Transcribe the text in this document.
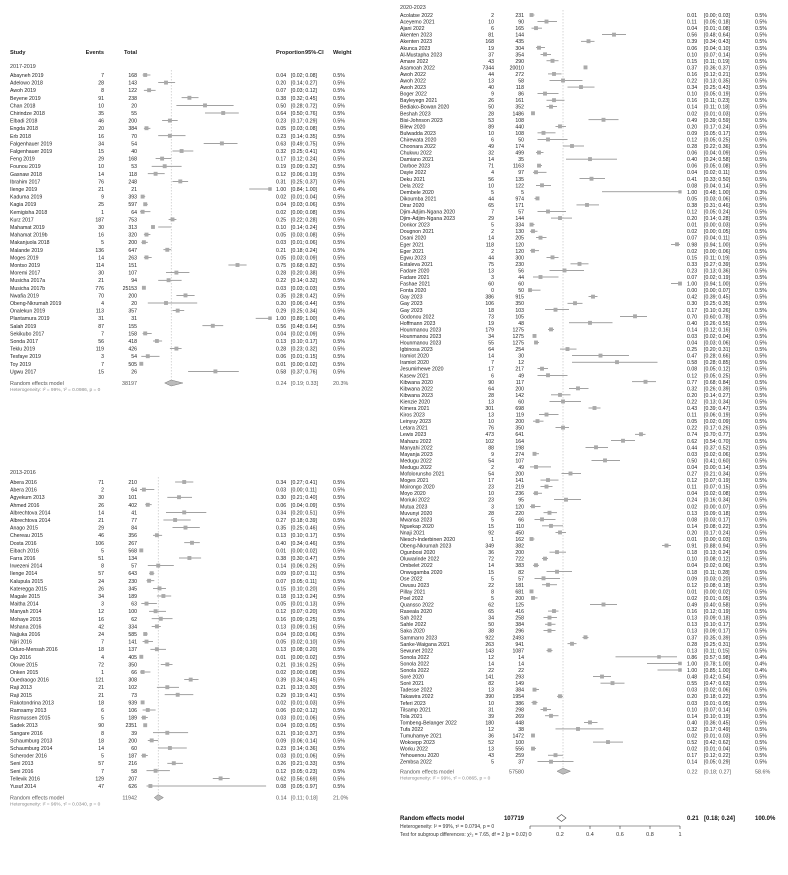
Study	Events	Total	Proportion 95%-CI Weight
2017-2019
Abayneh 2019	7	168	0.04 [0.02; 0.08]	0.5%
Adelowo 2018	28	143	0.20 [0.14; 0.27]	0.5%
Awoh 2019	8	122	0.07 [0.03; 0.12]	0.5%
Beyene 2019	91	238	0.38 [0.32; 0.45]	0.5%
Chan 2018	10	20	0.50 [0.28; 0.72]	0.5%
Chirindze 2018	35	55	0.64 [0.50; 0.76]	0.5%
Elbadi 2018	46	200	0.23 [0.17; 0.29]	0.5%
Engda 2018	20	384	0.05 [0.03; 0.08]	0.5%
Erb 2018	16	70	0.23 [0.14; 0.35]	0.5%
Falgenhauer 2019	34	54	0.63 [0.49; 0.75]	0.5%
Falgenhauer 2019	15	40	0.32 [0.25; 0.41]	0.5%
Feng 2019	29	168	0.17 [0.12; 0.24]	0.5%
Founou 2019	10	53	0.19 [0.09; 0.32]	0.5%
Gasnaw 2018	14	118	0.12 [0.06; 0.19]	0.5%
Ibrahim 2017	76	248	0.31 [0.25; 0.37]	0.5%
Ilenge 2019	21	21	1.00 [0.84; 1.00]	0.4%
Kaduma 2019	9	393	0.02 [0.01; 0.04]	0.5%
Kagia 2019	25	597	0.04 [0.03; 0.06]	0.5%
Kemigisha 2018	1	64	0.02 [0.00; 0.08]	0.5%
Kurz 2017	187	753	0.25 [0.22; 0.28]	0.5%
Mahamat 2019	30	313	0.10 [0.14; 0.24]	0.5%
Mahamat 2019b	16	320	0.05 [0.03; 0.08]	0.5%
Makanjuola 2018	5	200	0.03 [0.01; 0.06]	0.5%
Malande 2019	136	647	0.21 [0.18; 0.24]	0.5%
Moges 2019	14	263	0.05 [0.03; 0.09]	0.5%
Montso 2019	114	151	0.75 [0.68; 0.82]	0.5%
Moremi 2017	30	107	0.28 [0.20; 0.38]	0.5%
Musicha 2017a	21	94	0.22 [0.14; 0.32]	0.5%
Musicha 2017b	776	25153	0.03 [0.03; 0.03]	0.5%
Nwafia 2019	70	200	0.35 [0.28; 0.42]	0.5%
Obeng-Nkrumah 2019	4	20	0.20 [0.06; 0.44]	0.5%
Onalekun 2019	113	357	0.29 [0.25; 0.34]	0.5%
Plantamura 2019	31	31	1.00 [0.89; 1.00]	0.4%
Salah 2019	87	155	0.56 [0.48; 0.64]	0.5%
Sekikubo 2017	7	158	0.04 [0.02; 0.09]	0.5%
Sonda 2017	56	418	0.13 [0.10; 0.17]	0.5%
Teklu 2019	119	426	0.28 [0.23; 0.32]	0.5%
Tesfaye 2019	3	54	0.06 [0.01; 0.15]	0.5%
Toy 2019	7	505	0.01 [0.00; 0.02]	0.5%
Ugwu 2017	15	26	0.58 [0.37; 0.76]	0.5%
Random effects model	38197	0.24 [0.19; 0.33]	20.3%
Heterogeneity: I² = 99%, τ² = 0.0986, p = 0
2013-2016
Abera 2016	71	210	0.34 [0.27; 0.41]	0.5%
Abera 2016	2	64	0.03 [0.00; 0.11]	0.5%
Agyekum 2013	30	101	0.30 [0.21; 0.40]	0.5%
Ahmed 2016	26	402	0.06 [0.04; 0.09]	0.5%
Albrechtova 2014	14	41	0.34 [0.20; 0.51]	0.5%
Albrechtova 2014	21	77	0.27 [0.18; 0.39]	0.5%
Anago 2015	29	84	0.35 [0.25; 0.46]	0.5%
Chereau 2015	46	356	0.13 [0.10; 0.17]	0.5%
Dosta 2016	106	267	0.40 [0.34; 0.46]	0.5%
Eibach 2016	5	568	0.01 [0.00; 0.02]	0.5%
Farra 2016	51	134	0.38 [0.30; 0.47]	0.5%
Irwezeni 2014	8	57	0.14 [0.06; 0.26]	0.5%
Ilenge 2014	57	643	0.09 [0.07; 0.11]	0.5%
Kalupula 2015	24	230	0.07 [0.05; 0.11]	0.5%
Kateregga 2015	26	345	0.15 [0.10; 0.20]	0.5%
Magale 2015	34	189	0.18 [0.13; 0.24]	0.5%
Maitha 2014	3	63	0.05 [0.01; 0.13]	0.5%
Manyah 2014	12	100	0.12 [0.07; 0.20]	0.5%
Mohaye 2015	16	62	0.16 [0.09; 0.25]	0.5%
Mshana 2016	42	334	0.13 [0.09; 0.16]	0.5%
Najjuka 2016	24	585	0.04 [0.03; 0.06]	0.5%
Njiri 2016	7	141	0.05 [0.02; 0.10]	0.5%
Oduro-Mensah 2016	18	137	0.13 [0.08; 0.20]	0.5%
Ojo 2016	4	405	0.01 [0.00; 0.02]	0.5%
Olowe 2015	72	350	0.21 [0.16; 0.25]	0.5%
Onken 2015	1	66	0.02 [0.00; 0.08]	0.5%
Ouedraogo 2016	121	308	0.39 [0.34; 0.45]	0.5%
Raji 2013	21	102	0.21 [0.13; 0.30]	0.5%
Raji 2015	21	73	0.29 [0.19; 0.41]	0.5%
Rakotondrina 2013	18	939	0.02 [0.01; 0.03]	0.5%
Ramsamy 2013	6	106	0.06 [0.02; 0.12]	0.5%
Rasmussen 2015	5	189	0.03 [0.01; 0.06]	0.5%
Sadek 2013	90	2351	0.04 [0.03; 0.05]	0.5%
Sangare 2016	8	39	0.21 [0.10; 0.37]	0.5%
Schaumburg 2013	18	200	0.09 [0.06; 0.14]	0.5%
Schaumburg 2014	14	60	0.23 [0.14; 0.36]	0.5%
Scheroder 2016	5	187	0.03 [0.01; 0.06]	0.5%
Seni 2013	57	216	0.26 [0.21; 0.33]	0.5%
Seni 2016	7	58	0.12 [0.05; 0.23]	0.5%
Tellevik 2016	129	207	0.62 [0.56; 0.69]	0.5%
Yusuf 2014	47	626	0.08 [0.05; 0.97]	0.5%
Random effects model	11942	0.14 [0.11; 0.18]	21.0%
Heterogeneity: I² = 96%, τ² = 0.0340, p = 0
2020-2023
Acolatse 2022	2	231	0.01 [0.00; 0.03]	0.5%
Aceyemo 2021	10	90	0.11 [0.05; 0.18]	0.5%
Ajani 2022	6	165	0.04 [0.01; 0.08]	0.5%
Akenten 2023	81	144	0.56 [0.48; 0.64]	0.5%
Akenten 2023	168	435	0.39 [0.34; 0.43]	0.5%
Akunca 2023	19	304	0.06 [0.04; 0.10]	0.5%
Al-Mustapha 2023	37	354	0.10 [0.07; 0.14]	0.5%
Amare 2022	43	290	0.15 [0.11; 0.19]	0.5%
Asamoah 2022	7344	20010	0.37 [0.36; 0.37]	0.5%
Awoh 2022	44	272	0.16 [0.12; 0.21]	0.5%
Awoh 2022	13	58	0.22 [0.13; 0.35]	0.5%
Awoh 2023	40	118	0.34 [0.25; 0.43]	0.5%
Boger 2022	9	86	0.10 [0.05; 0.19]	0.5%
Bayleyegn 2021	26	161	0.16 [0.11; 0.23]	0.5%
Bediako-Bowan 2020	50	352	0.14 [0.11; 0.18]	0.5%
Beshah 2023	28	1486	0.02 [0.01; 0.03]	0.5%
Bisi-Johnson 2023	53	108	0.49 [0.39; 0.59]	0.5%
Bilew 2020	89	440	0.20 [0.17; 0.24]	0.5%
Bulwadda 2023	10	108	0.09 [0.05; 0.17]	0.5%
Chirewata 2020	6	50	0.12 [0.05; 0.25]	0.5%
Choonara 2022	49	174	0.28 [0.22; 0.36]	0.5%
Chukwu 2022	32	499	0.06 [0.04; 0.09]	0.5%
Damiano 2021	14	35	0.40 [0.24; 0.58]	0.5%
Darboe 2023	71	1163	0.06 [0.05; 0.08]	0.5%
Dayie 2022	4	97	0.04 [0.02; 0.11]	0.5%
Deku 2021	56	135	0.41 [0.33; 0.50]	0.5%
Dela 2022	10	122	0.08 [0.04; 0.14]	0.5%
Dembele 2020	5	5	1.00 [0.48; 1.00]	0.3%
Dikoumba 2021	44	974	0.05 [0.03; 0.06]	0.5%
Dirar 2020	65	171	0.38 [0.31; 0.46]	0.5%
Djim-Adjim-Ngana 2020	7	57	0.12 [0.05; 0.24]	0.5%
Djim-Adjim-Ngana 2023	29	144	0.20 [0.14; 0.28]	0.5%
Donkor 2023	5	334	0.01 [0.00; 0.03]	0.5%
Dougnon 2021	2	130	0.02 [0.00; 0.05]	0.5%
Dsani 2020	14	205	0.07 [0.04; 0.11]	0.5%
Eger 2021	118	120	0.98 [0.94; 1.00]	0.5%
Eger 2021	2	120	0.02 [0.00; 0.06]	0.5%
Egwu 2023	44	300	0.15 [0.11; 0.19]	0.5%
Estaleva 2021	75	230	0.33 [0.27; 0.39]	0.5%
Fadare 2020	13	56	0.23 [0.13; 0.36]	0.5%
Fadare 2021	3	44	0.07 [0.02; 0.19]	0.5%
Fashae 2021	60	60	1.00 [0.94; 1.00]	0.5%
Fonta 2020	0	50	0.00 [0.00; 0.07]	0.5%
Gay 2023	386	915	0.42 [0.39; 0.45]	0.5%
Gay 2023	106	350	0.30 [0.25; 0.35]	0.5%
Gay 2023	18	103	0.17 [0.10; 0.26]	0.5%
Godonou 2022	73	105	0.70 [0.60; 0.78]	0.5%
Hoffmann 2023	19	48	0.40 [0.26; 0.55]	0.5%
Hounmanou 2023	179	1275	0.14 [0.12; 0.16]	0.5%
Hounmanou 2023	34	1275	0.03 [0.02; 0.04]	0.5%
Hounmanou 2023	55	1275	0.04 [0.03; 0.06]	0.5%
Igbinosa 2023	64	254	0.25 [0.20; 0.31]	0.5%
Iramiot 2020	14	30	0.47 [0.28; 0.66]	0.5%
Iramiot 2020	7	12	0.58 [0.28; 0.85]	0.5%
Jesumirhewe 2020	17	217	0.08 [0.05; 0.12]	0.5%
Kasew 2021	6	49	0.12 [0.05; 0.25]	0.5%
Kibwana 2020	90	117	0.77 [0.68; 0.84]	0.5%
Kibwana 2022	64	200	0.32 [0.26; 0.39]	0.5%
Kibwana 2023	28	142	0.20 [0.14; 0.27]	0.5%
Kienzie 2020	13	60	0.22 [0.13; 0.34]	0.5%
Kimera 2021	301	698	0.43 [0.39; 0.47]	0.5%
Kiros 2023	13	119	0.11 [0.06; 0.19]	0.5%
Leinyuy 2023	10	200	0.05 [0.02; 0.09]	0.5%
Letara 2021	76	350	0.22 [0.17; 0.26]	0.5%
Lewis 2023	473	641	0.74 [0.70; 0.77]	0.5%
Mahazu 2022	102	164	0.62 [0.54; 0.70]	0.5%
Manyahi 2022	88	198	0.44 [0.37; 0.52]	0.5%
Mayanja 2023	9	274	0.03 [0.02; 0.06]	0.5%
Medugu 2022	54	107	0.50 [0.41; 0.60]	0.5%
Medugu 2022	2	49	0.04 [0.00; 0.14]	0.5%
Mofolorunsho 2021	54	200	0.27 [0.21; 0.34]	0.5%
Moges 2021	17	141	0.12 [0.07; 0.19]	0.5%
Moirongo 2020	23	219	0.11 [0.07; 0.15]	0.5%
Moyo 2020	10	236	0.04 [0.02; 0.08]	0.5%
Moriuki 2022	23	95	0.24 [0.16; 0.34]	0.5%
Mutua 2023	3	120	0.02 [0.00; 0.07]	0.5%
Muvunyi 2020	28	220	0.13 [0.09; 0.18]	0.5%
Mwansa 2023	5	66	0.08 [0.03; 0.17]	0.5%
Nguekap 2020	15	110	0.14 [0.08; 0.22]	0.5%
Nnaji 2021	92	450	0.20 [0.17; 0.24]	0.5%
Niesch-Inderbinen 2020	1	162	0.01 [0.00; 0.03]	0.5%
Obeng-Nkrumah 2023	349	382	0.91 [0.88; 0.94]	0.5%
Ogunbosi 2020	36	200	0.18 [0.13; 0.24]	0.5%
Oluwarinde 2022	72	722	0.10 [0.08; 0.12]	0.5%
Ombelet 2022	14	383	0.04 [0.02; 0.06]	0.5%
Onwugamba 2020	15	82	0.18 [0.11; 0.28]	0.5%
Ose 2022	5	57	0.09 [0.03; 0.20]	0.5%
Owusu 2023	22	181	0.12 [0.08; 0.18]	0.5%
Pillay 2021	8	681	0.01 [0.00; 0.02]	0.5%
Poel 2022	5	200	0.02 [0.01; 0.05]	0.5%
Quansso 2022	62	125	0.49 [0.40; 0.58]	0.5%
Raseala 2020	65	416	0.16 [0.12; 0.19]	0.5%
Sah 2022	34	258	0.13 [0.09; 0.18]	0.5%
Sahle 2022	50	384	0.13 [0.10; 0.17]	0.5%
Saka 2020	38	296	0.13 [0.09; 0.17]	0.5%
Sammarro 2023	922	2493	0.37 [0.35; 0.39]	0.5%
Sanke-Waigana 2021	263	941	0.28 [0.25; 0.31]	0.5%
Sewunet 2022	143	1087	0.13 [0.11; 0.15]	0.5%
Sonola 2022	12	14	0.86 [0.57; 0.98]	0.4%
Sonola 2022	14	14	1.00 [0.78; 1.00]	0.4%
Sonola 2022	22	22	1.00 [0.85; 1.00]	0.4%
Soré 2020	141	293	0.48 [0.42; 0.54]	0.5%
Soré 2021	82	149	0.55 [0.47; 0.63]	0.5%
Tadesse 2022	13	384	0.03 [0.02; 0.06]	0.5%
Takawira 2022	390	1954	0.20 [0.18; 0.22]	0.5%
Teferi 2023	10	386	0.03 [0.01; 0.05]	0.5%
Tilsamp 2021	31	298	0.10 [0.07; 0.14]	0.5%
Tola 2021	39	269	0.14 [0.10; 0.19]	0.5%
Tombeng-Belanger 2022	180	448	0.40 [0.36; 0.45]	0.5%
Tufa 2022	12	38	0.32 [0.17; 0.49]	0.5%
Tumuhamye 2021	36	1472	0.02 [0.01; 0.03]	0.5%
Wokoepp 2023	52	100	0.52 [0.42; 0.62]	0.5%
Worku 2022	13	556	0.02 [0.01; 0.04]	0.5%
Yehouenou 2020	43	259	0.17 [0.12; 0.22]	0.5%
Zembsa 2022	5	37	0.14 [0.05; 0.29]	0.5%
Random effects model	57580	0.22 [0.18; 0.27]	58.6%
Heterogeneity: I² = 99%, τ² = 0.0865, p = 0
Random effects model	107719	0.21 [0.18; 0.24]	100.0%
Heterogeneity: I² = 99%, τ² = 0.0794, p = 0
Test for subgroup differences: χ²₂ = 7.65, df = 2 (p = 0.02) 0	0.2	0.4	0.6	0.8	1
